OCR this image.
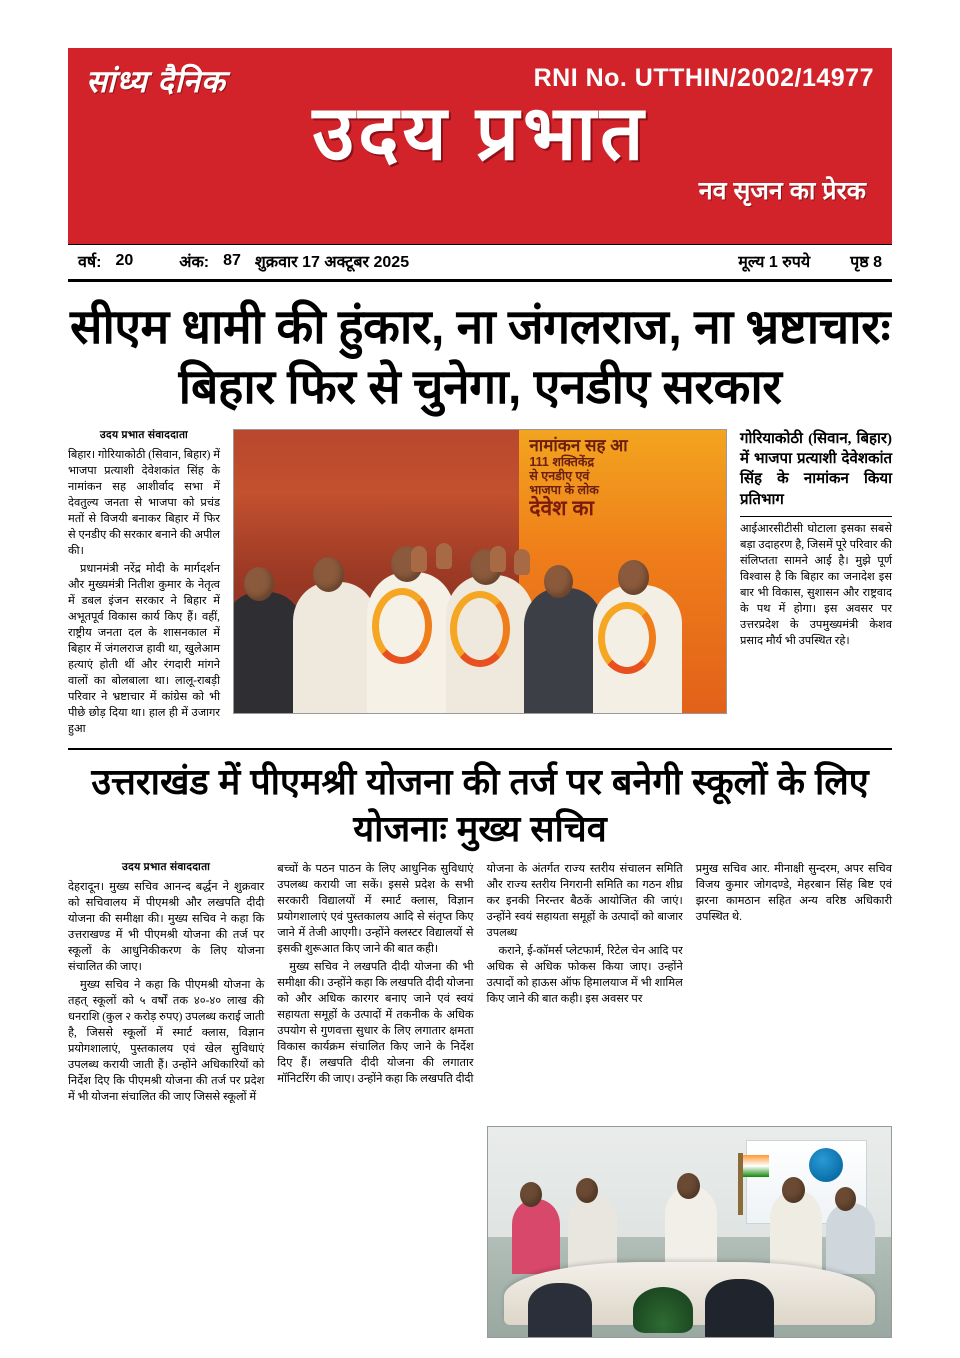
सांध्य दैनिक	RNI No. UTTHIN/2002/14977
उदय प्रभात
नव सृजन का प्रेरक
वर्ष: 20	अंक: 87 शुक्रवार 17 अक्टूबर 2025	मूल्य 1 रुपये	पृष्ठ 8
सीएम धामी की हुंकार, ना जंगलराज, ना भ्रष्टाचारः बिहार फिर से चुनेगा, एनडीए सरकार
उदय प्रभात संवाददाता

बिहार। गोरियाकोठी (सिवान, बिहार) में भाजपा प्रत्याशी देवेशकांत सिंह के नामांकन सह आशीर्वाद सभा में देवतुल्य जनता से भाजपा को प्रचंड मतों से विजयी बनाकर बिहार में फिर से एनडीए की सरकार बनाने की अपील की।

प्रधानमंत्री नरेंद्र मोदी के मार्गदर्शन और मुख्यमंत्री नितीश कुमार के नेतृत्व में डबल इंजन सरकार ने बिहार में अभूतपूर्व विकास कार्य किए हैं। वहीं, राष्ट्रीय जनता दल के शासनकाल में बिहार में जंगलराज हावी था, खुलेआम हत्याएं होती थीं और रंगदारी मांगने वालों का बोलबाला था। लालू-राबड़ी परिवार ने भ्रष्टाचार में कांग्रेस को भी पीछे छोड़ दिया था। हाल ही में उजागर हुआ

नामांकन सह आ
111 शक्तिकेंद्र
से एनडीए एवं
भाजपा के लोक
देवेश का
गोरियाकोठी (सिवान, बिहार) में भाजपा प्रत्याशी देवेशकांत सिंह के नामांकन किया प्रतिभाग

आईआरसीटीसी घोटाला इसका सबसे बड़ा उदाहरण है, जिसमें पूरे परिवार की संलिप्तता सामने आई है। मुझे पूर्ण विश्वास है कि बिहार का जनादेश इस बार भी विकास, सुशासन और राष्ट्रवाद के पथ में होगा। इस अवसर पर उत्तरप्रदेश के उपमुख्यमंत्री केशव प्रसाद मौर्य भी उपस्थित रहे।

उत्तराखंड में पीएमश्री योजना की तर्ज पर बनेगी स्कूलों के लिए योजनाः मुख्य सचिव
उदय प्रभात संवाददाता

देहरादून। मुख्य सचिव आनन्द बर्द्धन ने शुक्रवार को सचिवालय में पीएमश्री और लखपति दीदी योजना की समीक्षा की। मुख्य सचिव ने कहा कि उत्तराखण्ड में भी पीएमश्री योजना की तर्ज पर स्कूलों के आधुनिकीकरण के लिए योजना संचालित की जाए।

मुख्य सचिव ने कहा कि पीएमश्री योजना के तहत् स्कूलों को ५ वर्षों तक ४०-४० लाख की धनराशि (कुल २ करोड़ रुपए) उपलब्ध कराई जाती है, जिससे स्कूलों में स्मार्ट क्लास, विज्ञान प्रयोगशालाएं, पुस्तकालय एवं खेल सुविधाएं उपलब्ध करायी जाती हैं। उन्होंने अधिकारियों को निर्देश दिए कि पीएमश्री योजना की तर्ज पर प्रदेश में भी योजना संचालित की जाए जिससे स्कूलों में

बच्चों के पठन पाठन के लिए आधुनिक सुविधाएं उपलब्ध करायी जा सकें। इससे प्रदेश के सभी सरकारी विद्यालयों में स्मार्ट क्लास, विज्ञान प्रयोगशालाएं एवं पुस्तकालय आदि से संतृप्त किए जाने में तेजी आएगी। उन्होंने क्लस्टर विद्यालयों से इसकी शुरूआत किए जाने की बात कही।

मुख्य सचिव ने लखपति दीदी योजना की भी समीक्षा की। उन्होंने कहा कि लखपति दीदी योजना को और अधिक कारगर बनाए जाने एवं स्वयं सहायता समूहों के उत्पादों में तकनीक के अधिक उपयोग से गुणवत्ता सुधार के लिए लगातार क्षमता विकास कार्यक्रम संचालित किए जाने के निर्देश दिए हैं। लखपति दीदी योजना की लगातार मॉनिटरिंग की जाए। उन्होंने कहा कि लखपति दीदी

योजना के अंतर्गत राज्य स्तरीय संचालन समिति और राज्य स्तरीय निगरानी समिति का गठन शीघ्र कर इनकी निरन्तर बैठकें आयोजित की जाएं। उन्होंने स्वयं सहायता समूहों के उत्पादों को बाजार उपलब्ध

कराने, ई-कॉमर्स प्लेटफार्म, रिटेल चेन आदि पर अधिक से अधिक फोकस किया जाए। उन्होंने उत्पादों को हाऊस ऑफ हिमालयाज में भी शामिल किए जाने की बात कही। इस अवसर पर

प्रमुख सचिव आर. मीनाक्षी सुन्दरम, अपर सचिव विजय कुमार जोगदण्डे, मेहरबान सिंह बिष्ट एवं झरना कामठान सहित अन्य वरिष्ठ अधिकारी उपस्थित थे.
